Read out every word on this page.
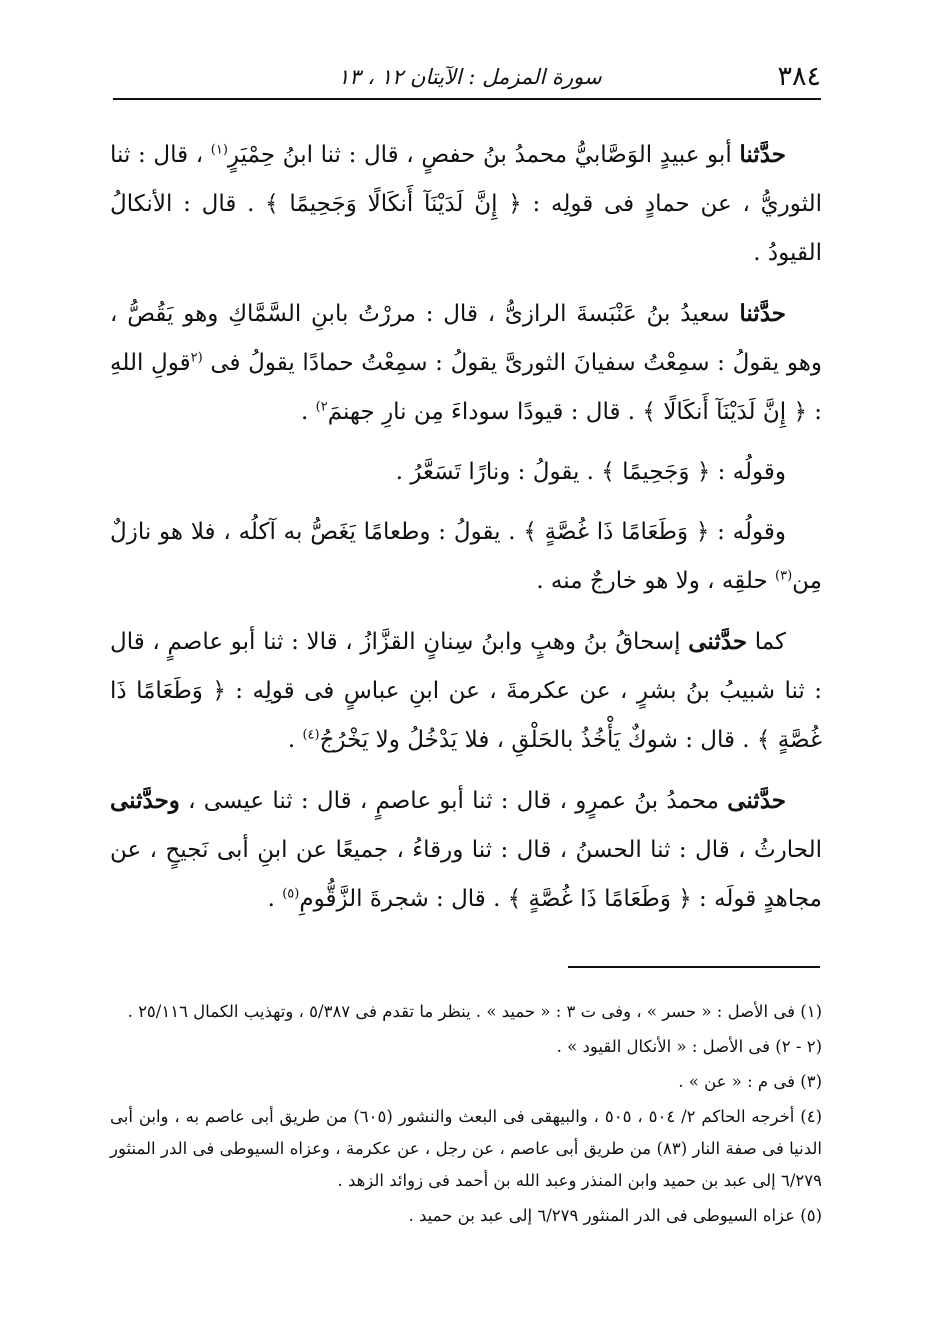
٣٨٤
سورة المزمل : الآيتان ١٢ ، ١٣

حدَّثنا أبو عبيدٍ الوَصَّابيُّ محمدُ بنُ حفصٍ ، قال : ثنا ابنُ حِمْيَرٍ$^{(١)}$ ، قال : ثنا الثوريُّ ، عن حمادٍ فى قولِه : ﴿ إِنَّ لَدَيْنَآ أَنكَالًا وَجَحِيمًا ﴾ . قال : الأنكالُ القيودُ .

حدَّثنا سعيدُ بنُ عَنْبَسةَ الرازىُّ ، قال : مررْتُ بابنِ السَّمَّاكِ وهو يَقُصُّ ، وهو يقولُ : سمِعْتُ سفيانَ الثورىَّ يقولُ : سمِعْتُ حمادًا يقولُ فى $^{(٢}$قولِ اللهِ : ﴿ إِنَّ لَدَيْنَآ أَنكَالًا ﴾ . قال : قيودًا سوداءَ مِن نارِ جهنمَ$^{٢)}$ .

وقولُه : ﴿ وَجَحِيمًا ﴾ . يقولُ : ونارًا تَسَعَّرُ .

وقولُه : ﴿ وَطَعَامًا ذَا غُصَّةٍ ﴾ . يقولُ : وطعامًا يَغَصُّ به آكلُه ، فلا هو نازلٌ مِن$^{(٣)}$ حلقِه ، ولا هو خارجٌ منه .

كما حدَّثنى إسحاقُ بنُ وهبٍ وابنُ سِنانٍ القزَّازُ ، قالا : ثنا أبو عاصمٍ ، قال : ثنا شبيبُ بنُ بشرٍ ، عن عكرمةَ ، عن ابنِ عباسٍ فى قولِه : ﴿ وَطَعَامًا ذَا غُصَّةٍ ﴾ . قال : شوكٌ يَأْخُذُ بالحَلْقِ ، فلا يَدْخُلُ ولا يَخْرُجُ$^{(٤)}$ .

حدَّثنى محمدُ بنُ عمرٍو ، قال : ثنا أبو عاصمٍ ، قال : ثنا عيسى ، وحدَّثنى الحارثُ ، قال : ثنا الحسنُ ، قال : ثنا ورقاءُ ، جميعًا عن ابنِ أبى نَجيحٍ ، عن مجاهدٍ قولَه : ﴿ وَطَعَامًا ذَا غُصَّةٍ ﴾ . قال : شجرةَ الزَّقُّومِ$^{(٥)}$ .

(١) فى الأصل : « حسر » ، وفى ت ٣ : « حميد » . ينظر ما تقدم فى ٥/٣٨٧ ، وتهذيب الكمال ٢٥/١١٦ .

(٢ - ٢) فى الأصل : « الأنكال القيود » .

(٣) فى م : « عن » .

(٤) أخرجه الحاكم ٢/ ٥٠٤ ، ٥٠٥ ، والبيهقى فى البعث والنشور (٦٠٥) من طريق أبى عاصم به ، وابن أبى الدنيا فى صفة النار (٨٣) من طريق أبى عاصم ، عن رجل ، عن عكرمة ، وعزاه السيوطى فى الدر المنثور ٦/٢٧٩ إلى عبد بن حميد وابن المنذر وعبد الله بن أحمد فى زوائد الزهد .

(٥) عزاه السيوطى فى الدر المنثور ٦/٢٧٩ إلى عبد بن حميد .
